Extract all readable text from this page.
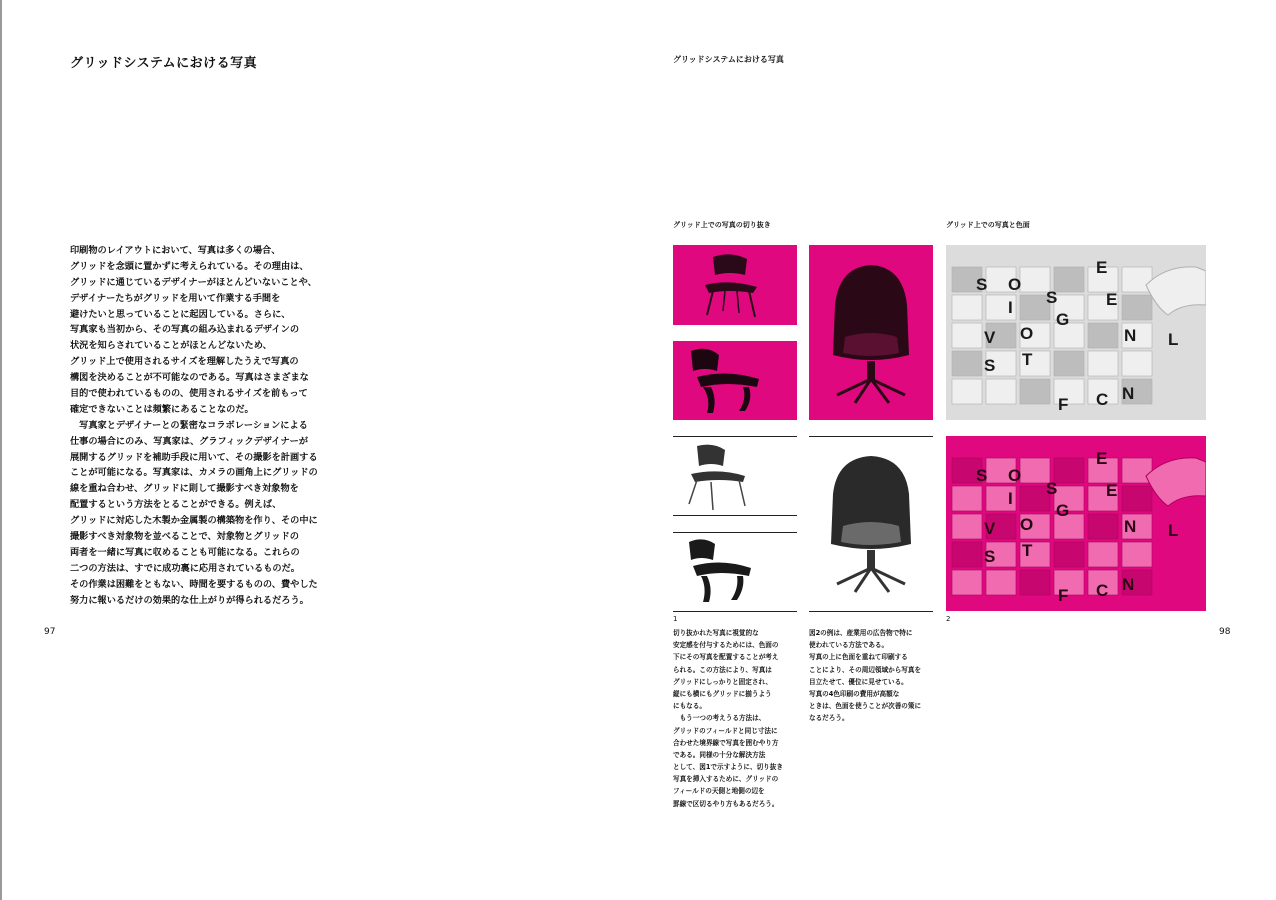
グリッドシステムにおける写真
印刷物のレイアウトにおいて、写真は多くの場合、
グリッドを念頭に置かずに考えられている。その理由は、
グリッドに通じているデザイナーがほとんどいないことや、
デザイナーたちがグリッドを用いて作業する手間を
避けたいと思っていることに起因している。さらに、
写真家も当初から、その写真の組み込まれるデザインの
状況を知らされていることがほとんどないため、
グリッド上で使用されるサイズを理解したうえで写真の
構図を決めることが不可能なのである。写真はさまざまな
目的で使われているものの、使用されるサイズを前もって
確定できないことは頻繁にあることなのだ。
　写真家とデザイナーとの緊密なコラボレーションによる
仕事の場合にのみ、写真家は、グラフィックデザイナーが
展開するグリッドを補助手段に用いて、その撮影を計画する
ことが可能になる。写真家は、カメラの画角上にグリッドの
線を重ね合わせ、グリッドに則して撮影すべき対象物を
配置するという方法をとることができる。例えば、
グリッドに対応した木製か金属製の構築物を作り、その中に
撮影すべき対象物を並べることで、対象物とグリッドの
両者を一緒に写真に収めることも可能になる。これらの
二つの方法は、すでに成功裏に応用されているものだ。
その作業は困難をともない、時間を要するものの、費やした
努力に報いるだけの効果的な仕上がりが得られるだろう。
97
グリッドシステムにおける写真
グリッド上での写真の切り抜き	グリッド上での写真と色面
S O
I
S
E
V O
G
E
N L
S T
F C N
S O
I
S
E
V O
G
E
N L
S T
F C N
1	2
切り抜かれた写真に視覚的な
安定感を付与するためには、色面の
下にその写真を配置することが考え
られる。この方法により、写真は
グリッドにしっかりと固定され、
縦にも横にもグリッドに揃うよう
にもなる。
　もう一つの考えうる方法は、
グリッドのフィールドと同じ寸法に
合わせた境界線で写真を囲むやり方
である。同様の十分な解決方法
として、図1で示すように、切り抜き
写真を挿入するために、グリッドの
フィールドの天側と地側の辺を
罫線で区切るやり方もあるだろう。
図2の例は、産業用の広告物で特に
使われている方法である。
写真の上に色面を重ねて印刷する
ことにより、その周辺領域から写真を
目立たせて、優位に見せている。
写真の4色印刷の費用が高額な
ときは、色面を使うことが次善の策に
なるだろう。
98
